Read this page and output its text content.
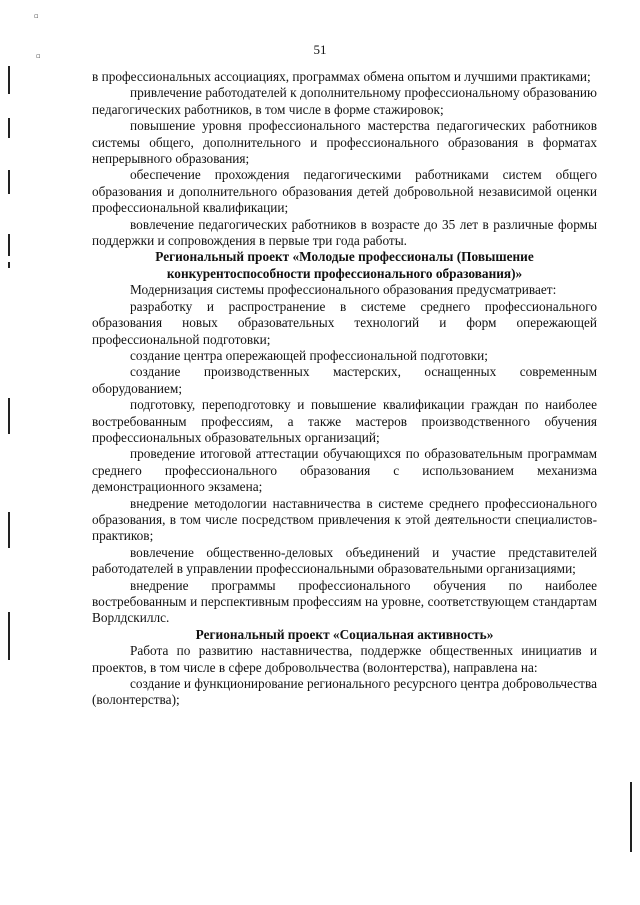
51

в профессиональных ассоциациях, программах обмена опытом и лучшими практиками;

привлечение работодателей к дополнительному профессиональному образованию педагогических работников, в том числе в форме стажировок;

повышение уровня профессионального мастерства педагогических работников системы общего, дополнительного и профессионального образования в форматах непрерывного образования;

обеспечение прохождения педагогическими работниками систем общего образования и дополнительного образования детей добровольной независимой оценки профессиональной квалификации;

вовлечение педагогических работников в возрасте до 35 лет в различные формы поддержки и сопровождения в первые три года работы.

Региональный проект «Молодые профессионалы (Повышение конкурентоспособности профессионального образования)»

Модернизация системы профессионального образования предусматривает:

разработку и распространение в системе среднего профессионального образования новых образовательных технологий и форм опережающей профессиональной подготовки;

создание центра опережающей профессиональной подготовки;

создание производственных мастерских, оснащенных современным оборудованием;

подготовку, переподготовку и повышение квалификации граждан по наиболее востребованным профессиям, а также мастеров производственного обучения профессиональных образовательных организаций;

проведение итоговой аттестации обучающихся по образовательным программам среднего профессионального образования с использованием механизма демонстрационного экзамена;

внедрение методологии наставничества в системе среднего профессионального образования, в том числе посредством привлечения к этой деятельности специалистов-практиков;

вовлечение общественно-деловых объединений и участие представителей работодателей в управлении профессиональными образовательными организациями;

внедрение программы профессионального обучения по наиболее востребованным и перспективным профессиям на уровне, соответствующем стандартам Ворлдскиллс.

Региональный проект «Социальная активность»

Работа по развитию наставничества, поддержке общественных инициатив и проектов, в том числе в сфере добровольчества (волонтерства), направлена на:

создание и функционирование регионального ресурсного центра добровольчества (волонтерства);

▫
▫
